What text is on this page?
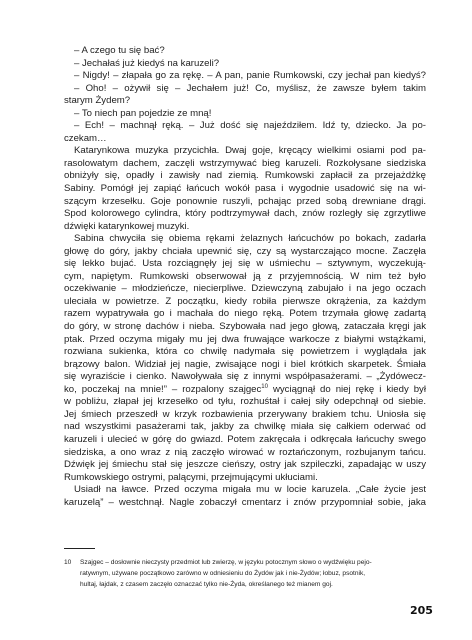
– A czego tu się bać?
– Jechałaś już kiedyś na karuzeli?
– Nigdy! – złapała go za rękę. – A pan, panie Rumkowski, czy jechał pan kiedyś?
– Oho! – ożywił się – Jechałem już! Co, myślisz, że zawsze byłem takim
starym Żydem?
– To niech pan pojedzie ze mną!
– Ech! – machnął ręką. – Już dość się najeździłem. Idź ty, dziecko. Ja po-
czekam…
Katarynkowa muzyka przycichła. Dwaj goje, kręcący wielkimi osiami pod pa-
rasolowatym dachem, zaczęli wstrzymywać bieg karuzeli. Rozkołysane siedziska
obniżyły się, opadły i zawisły nad ziemią. Rumkowski zapłacił za przejażdżkę
Sabiny. Pomógł jej zapiąć łańcuch wokół pasa i wygodnie usadowić się na wi-
szącym krzesełku. Goje ponownie ruszyli, pchając przed sobą drewniane drągi.
Spod kolorowego cylindra, który podtrzymywał dach, znów rozległy się zgrzytliwe
dźwięki katarynkowej muzyki.
Sabina chwyciła się obiema rękami żelaznych łańcuchów po bokach, zadarła
głowę do góry, jakby chciała upewnić się, czy są wystarczająco mocne. Zaczęła
się lekko bujać. Usta rozciągnęły jej się w uśmiechu – sztywnym, wyczekują-
cym, napiętym. Rumkowski obserwował ją z przyjemnością. W nim też było
oczekiwanie – młodzieńcze, niecierpliwe. Dziewczyną zabujało i na jego oczach
uleciała w powietrze. Z początku, kiedy robiła pierwsze okrążenia, za każdym
razem wypatrywała go i machała do niego ręką. Potem trzymała głowę zadartą
do góry, w stronę dachów i nieba. Szybowała nad jego głową, zataczała kręgi jak
ptak. Przed oczyma migały mu jej dwa fruwające warkocze z białymi wstążkami,
rozwiana sukienka, która co chwilę nadymała się powietrzem i wyglądała jak
brązowy balon. Widział jej nagie, zwisające nogi i biel krótkich skarpetek. Śmiała
się wyraziście i cienko. Nawoływała się z innymi współpasażerami. – „Żydówecz-
ko, poczekaj na mnie!” – rozpalony szajgec$^{10}$ wyciągnął do niej rękę i kiedy był
w pobliżu, złapał jej krzesełko od tyłu, rozhuśtał i całej siły odepchnął od siebie.
Jej śmiech przeszedł w krzyk rozbawienia przerywany brakiem tchu. Uniosła się
nad wszystkimi pasażerami tak, jakby za chwilkę miała się całkiem oderwać od
karuzeli i ulecieć w górę do gwiazd. Potem zakręcała i odkręcała łańcuchy swego
siedziska, a ono wraz z nią zaczęło wirować w roztańczonym, rozbujanym tańcu.
Dźwięk jej śmiechu stał się jeszcze cieńszy, ostry jak szpileczki, zapadając w uszy
Rumkowskiego ostrymi, palącymi, przejmującymi ukłuciami.
Usiadł na ławce. Przed oczyma migała mu w locie karuzela. „Całe życie jest
karuzelą” – westchnął. Nagle zobaczył cmentarz i znów przypomniał sobie, jaka
10 Szajgec – dosłownie nieczysty przedmiot lub zwierzę, w języku potocznym słowo o wydźwięku pejo-
ratywnym, używane początkowo zarówno w odniesieniu do Żydów jak i nie-Żydów; łobuz, psotnik,
hultaj, łajdak, z czasem zaczęło oznaczać tylko nie-Żyda, określanego też mianem goj.
205
